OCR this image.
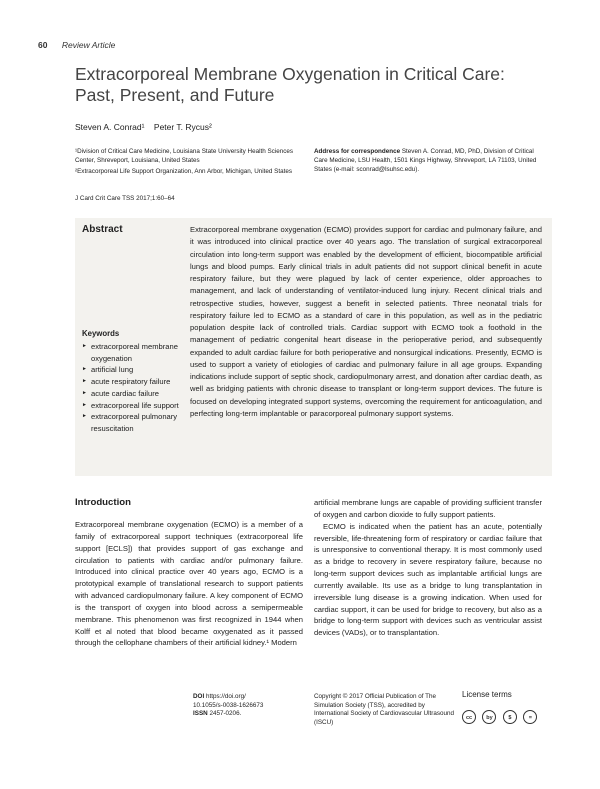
60 Review Article
Extracorporeal Membrane Oxygenation in Critical Care: Past, Present, and Future
Steven A. Conrad¹    Peter T. Rycus²
¹Division of Critical Care Medicine, Louisiana State University Health Sciences Center, Shreveport, Louisiana, United States
²Extracorporeal Life Support Organization, Ann Arbor, Michigan, United States
Address for correspondence Steven A. Conrad, MD, PhD, Division of Critical Care Medicine, LSU Health, 1501 Kings Highway, Shreveport, LA 71103, United States (e-mail: sconrad@lsuhsc.edu).
J Card Crit Care TSS 2017;1:60–64
Abstract	Extracorporeal membrane oxygenation (ECMO) provides support for cardiac and pulmonary failure, and it was introduced into clinical practice over 40 years ago. The translation of surgical extracorporeal circulation into long-term support was enabled by the development of efficient, biocompatible artificial lungs and blood pumps. Early clinical trials in adult patients did not support clinical benefit in acute respiratory failure, but they were plagued by lack of center experience, older approaches to management, and lack of understanding of ventilator-induced lung injury. Recent clinical trials and retrospective studies, however, suggest a benefit in selected patients. Three neonatal trials for respiratory failure led to ECMO as a standard of care in this population, as well as in the pediatric population despite lack of controlled trials. Cardiac support with ECMO took a foothold in the management of pediatric congenital heart disease in the perioperative period, and subsequently expanded to adult cardiac failure for both perioperative and nonsurgical indications. Presently, ECMO is used to support a variety of etiologies of cardiac and pulmonary failure in all age groups. Expanding indications include support of septic shock, cardiopulmonary arrest, and donation after cardiac death, as well as bridging patients with chronic disease to transplant or long-term support devices. The future is focused on developing integrated support systems, overcoming the requirement for anticoagulation, and perfecting long-term implantable or paracorporeal pulmonary support systems.
Keywords
► extracorporeal membrane oxygenation
► artificial lung
► acute respiratory failure
► acute cardiac failure
► extracorporeal life support
► extracorporeal pulmonary resuscitation
Introduction
Extracorporeal membrane oxygenation (ECMO) is a member of a family of extracorporeal support techniques (extracorporeal life support [ECLS]) that provides support of gas exchange and circulation to patients with cardiac and/or pulmonary failure. Introduced into clinical practice over 40 years ago, ECMO is a prototypical example of translational research to support patients with advanced cardiopulmonary failure. A key component of ECMO is the transport of oxygen into blood across a semipermeable membrane. This phenomenon was first recognized in 1944 when Kolff et al noted that blood became oxygenated as it passed through the cellophane chambers of their artificial kidney.¹ Modern

artificial membrane lungs are capable of providing sufficient transfer of oxygen and carbon dioxide to fully support patients.

ECMO is indicated when the patient has an acute, potentially reversible, life-threatening form of respiratory or cardiac failure that is unresponsive to conventional therapy. It is most commonly used as a bridge to recovery in severe respiratory failure, because no long-term support devices such as implantable artificial lungs are currently available. Its use as a bridge to lung transplantation in irreversible lung disease is a growing indication. When used for cardiac support, it can be used for bridge to recovery, but also as a bridge to long-term support with devices such as ventricular assist devices (VADs), or to transplantation.

DOI https://doi.org/
10.1055/s-0038-1626673
ISSN 2457-0206.
Copyright © 2017 Official Publication of The Simulation Society (TSS), accredited by International Society of Cardiovascular Ultrasound (ISCU)
License terms
cc	by	$	=
